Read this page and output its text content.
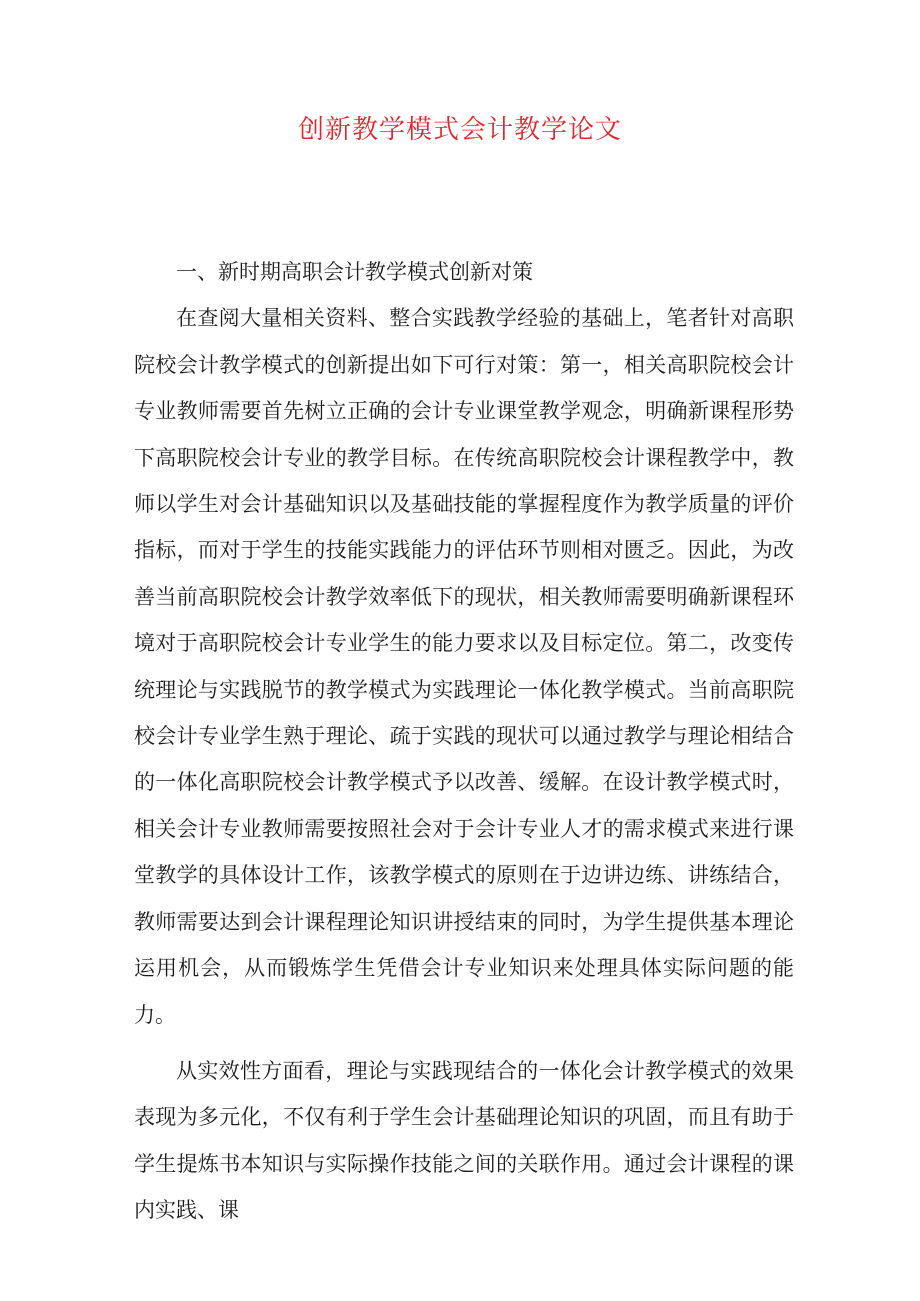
创新教学模式会计教学论文

一、新时期高职会计教学模式创新对策

在查阅大量相关资料、整合实践教学经验的基础上，笔者针对高职院校会计教学模式的创新提出如下可行对策：第一，相关高职院校会计专业教师需要首先树立正确的会计专业课堂教学观念，明确新课程形势下高职院校会计专业的教学目标。在传统高职院校会计课程教学中，教师以学生对会计基础知识以及基础技能的掌握程度作为教学质量的评价指标，而对于学生的技能实践能力的评估环节则相对匮乏。因此，为改善当前高职院校会计教学效率低下的现状，相关教师需要明确新课程环境对于高职院校会计专业学生的能力要求以及目标定位。第二，改变传统理论与实践脱节的教学模式为实践理论一体化教学模式。当前高职院校会计专业学生熟于理论、疏于实践的现状可以通过教学与理论相结合的一体化高职院校会计教学模式予以改善、缓解。在设计教学模式时，相关会计专业教师需要按照社会对于会计专业人才的需求模式来进行课堂教学的具体设计工作，该教学模式的原则在于边讲边练、讲练结合，教师需要达到会计课程理论知识讲授结束的同时，为学生提供基本理论运用机会，从而锻炼学生凭借会计专业知识来处理具体实际问题的能力。

从实效性方面看，理论与实践现结合的一体化会计教学模式的效果表现为多元化，不仅有利于学生会计基础理论知识的巩固，而且有助于学生提炼书本知识与实际操作技能之间的关联作用。通过会计课程的课内实践、课
